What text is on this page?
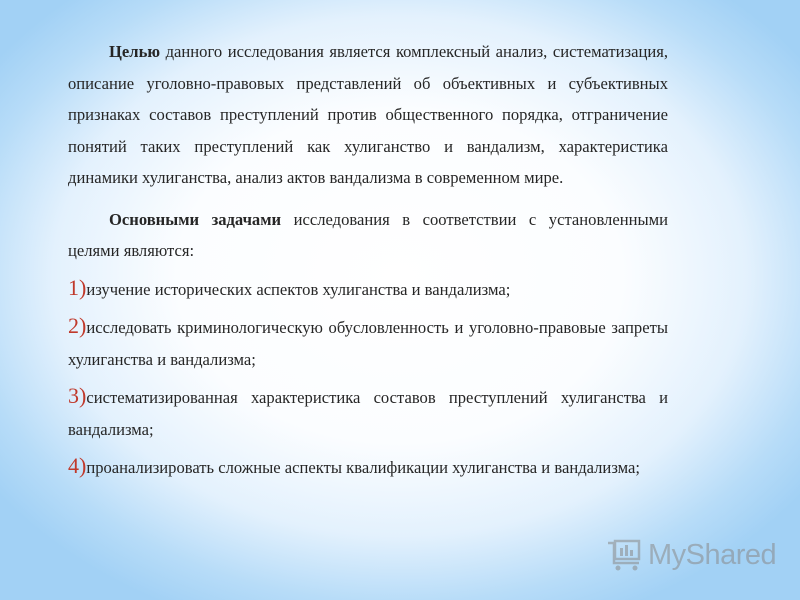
Целью данного исследования является комплексный анализ, систематизация, описание уголовно-правовых представлений об объективных и субъективных признаках составов преступлений против общественного порядка, отграничение понятий таких преступлений как хулиганство и вандализм, характеристика динамики хулиганства, анализ актов вандализма в современном мире.

Основными задачами исследования в соответствии с установленными целями являются:

1)изучение исторических аспектов хулиганства и вандализма;
2)исследовать криминологическую обусловленность и уголовно-правовые запреты хулиганства и вандализма;
3)систематизированная характеристика составов преступлений хулиганства и вандализма;
4)проанализировать сложные аспекты квалификации хулиганства и вандализма;
MyShared
